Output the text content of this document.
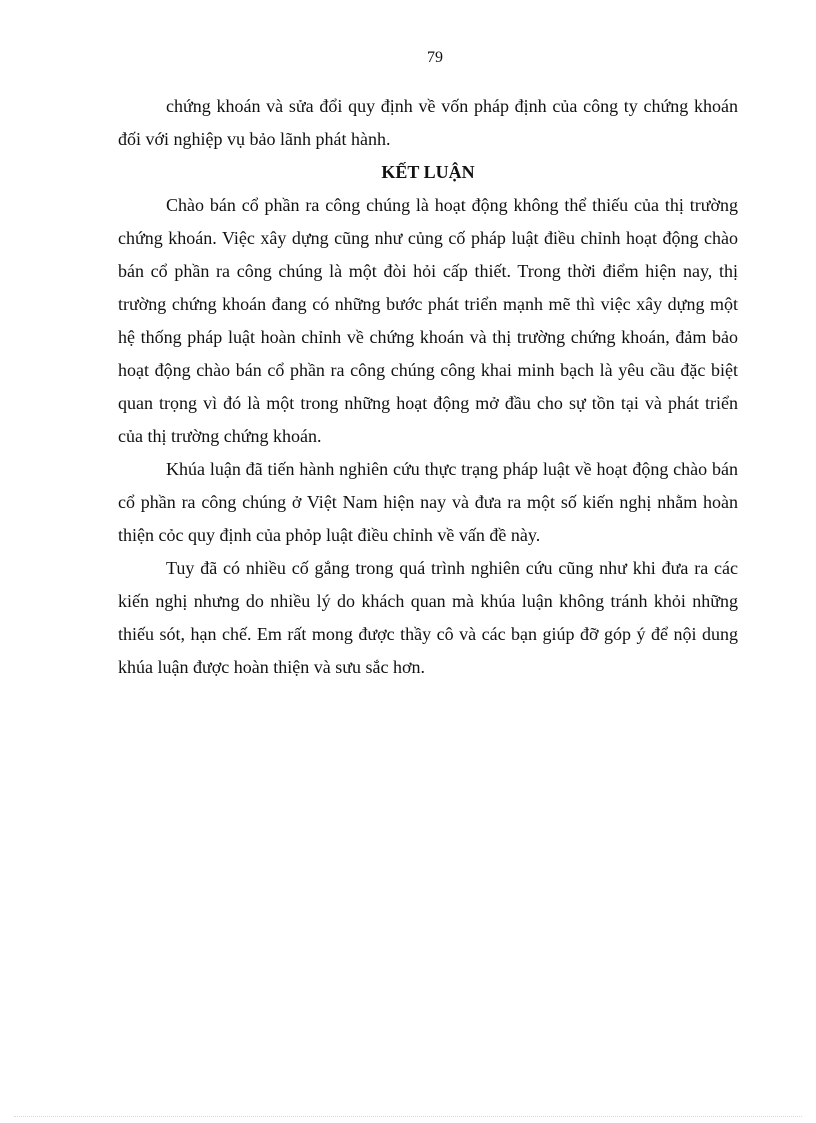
79

chứng khoán và sửa đổi quy định về vốn pháp định của công ty chứng khoán đối với nghiệp vụ bảo lãnh phát hành.

KẾT LUẬN

Chào bán cổ phần ra công chúng là hoạt động không thể thiếu của thị trường chứng khoán. Việc xây dựng cũng như củng cố pháp luật điều chỉnh hoạt động chào bán cổ phần ra công chúng là một đòi hỏi cấp thiết. Trong thời điểm hiện nay, thị trường chứng khoán đang có những bước phát triển mạnh mẽ thì việc xây dựng một hệ thống pháp luật hoàn chỉnh về chứng khoán và thị trường chứng khoán, đảm bảo hoạt động chào bán cổ phần ra công chúng công khai minh bạch là yêu cầu đặc biệt quan trọng vì đó là một trong những hoạt động mở đầu cho sự tồn tại và phát triển của thị trường chứng khoán.

Khúa luận đã tiến hành nghiên cứu thực trạng pháp luật về hoạt động chào bán cổ phần ra công chúng ở Việt Nam hiện nay và đưa ra một số kiến nghị nhằm hoàn thiện cỏc quy định của phỏp luật điều chỉnh về vấn đề này.

Tuy đã có nhiều cố gắng trong quá trình nghiên cứu cũng như khi đưa ra các kiến nghị nhưng do nhiều lý do khách quan mà khúa luận không tránh khỏi những thiếu sót, hạn chế. Em rất mong được thầy cô và các bạn giúp đỡ góp ý để nội dung khúa luận được hoàn thiện và sưu sắc hơn.
